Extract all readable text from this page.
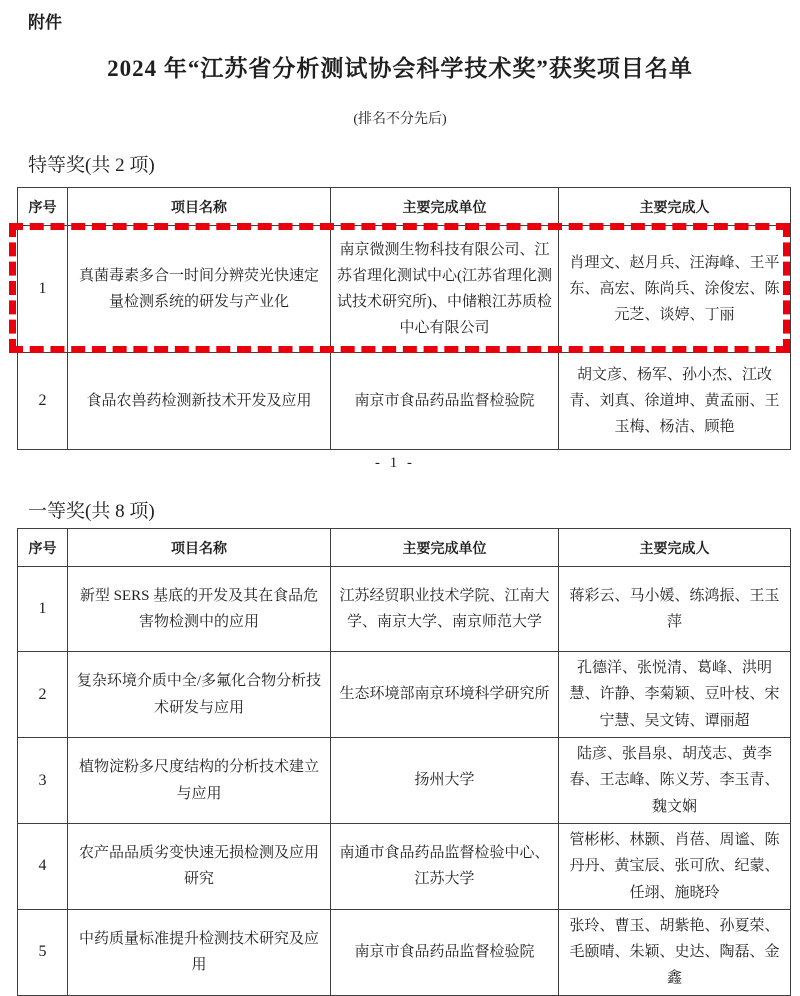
附件
2024 年“江苏省分析测试协会科学技术奖”获奖项目名单
(排名不分先后)
特等奖(共 2 项)
序号	项目名称	主要完成单位	主要完成人
1	真菌毒素多合一时间分辨荧光快速定量检测系统的研发与产业化	南京微测生物科技有限公司、江苏省理化测试中心(江苏省理化测试技术研究所)、中储粮江苏质检中心有限公司	肖理文、赵月兵、汪海峰、王平东、高宏、陈尚兵、涂俊宏、陈元芝、谈婷、丁丽
2	食品农兽药检测新技术开发及应用	南京市食品药品监督检验院	胡文彦、杨军、孙小杰、江改青、刘真、徐道坤、黄孟丽、王玉梅、杨洁、顾艳
- 1 -
一等奖(共 8 项)
序号	项目名称	主要完成单位	主要完成人
1	新型 SERS 基底的开发及其在食品危害物检测中的应用	江苏经贸职业技术学院、江南大学、南京大学、南京师范大学	蒋彩云、马小媛、练鸿振、王玉萍
2	复杂环境介质中全/多氟化合物分析技术研发与应用	生态环境部南京环境科学研究所	孔德洋、张悦清、葛峰、洪明慧、许静、李菊颖、豆叶枝、宋宁慧、吴文铸、谭丽超
3	植物淀粉多尺度结构的分析技术建立与应用	扬州大学	陆彦、张昌泉、胡茂志、黄李春、王志峰、陈义芳、李玉青、魏文娴
4	农产品品质劣变快速无损检测及应用研究	南通市食品药品监督检验中心、江苏大学	管彬彬、林颢、肖蓓、周谧、陈丹丹、黄宝辰、张可欣、纪蒙、任翊、施晓玲
5	中药质量标准提升检测技术研究及应用	南京市食品药品监督检验院	张玲、曹玉、胡紫艳、孙夏荣、毛颐晴、朱颖、史达、陶磊、金鑫
